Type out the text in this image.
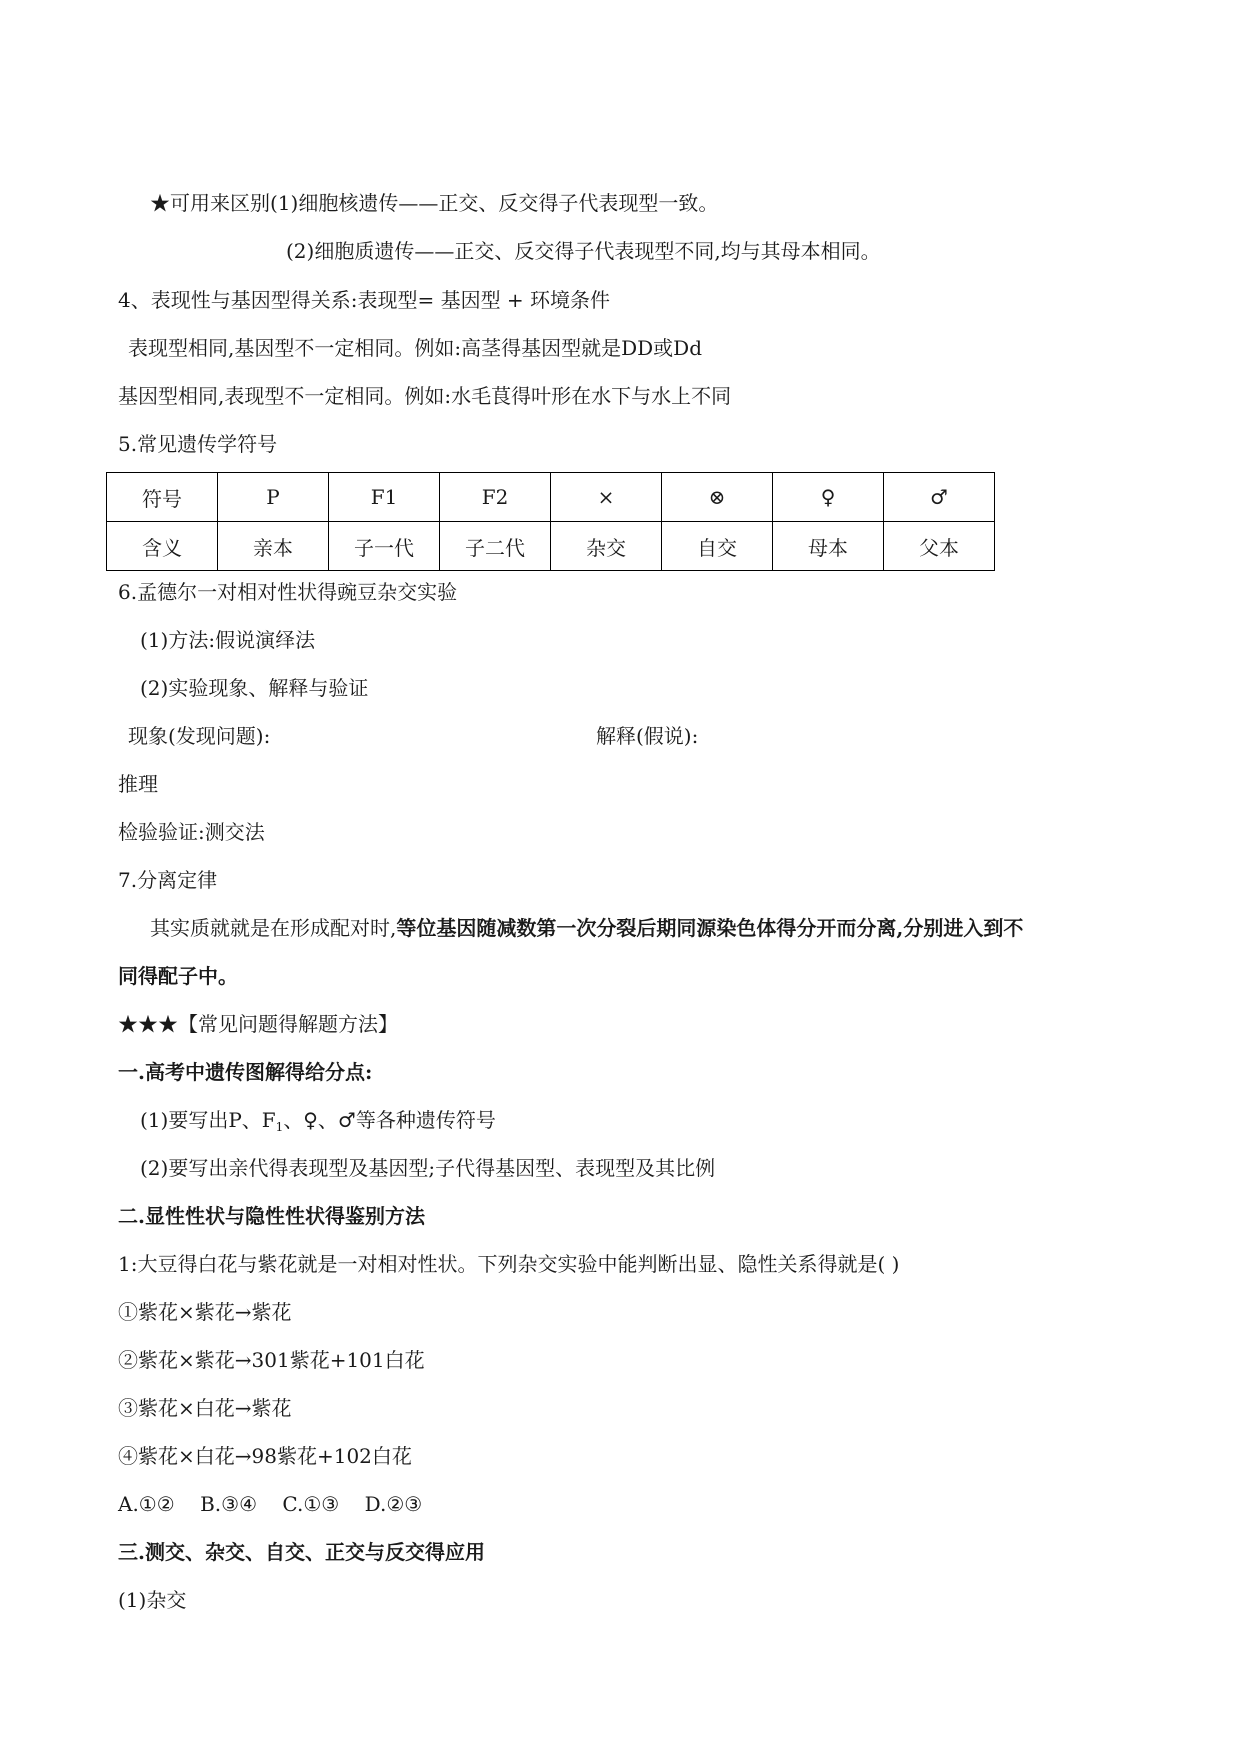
★可用来区别(1)细胞核遗传——正交、反交得子代表现型一致。
(2)细胞质遗传——正交、反交得子代表现型不同,均与其母本相同。
4、表现性与基因型得关系:表现型= 基因型 + 环境条件
表现型相同,基因型不一定相同。例如:高茎得基因型就是DD或Dd
基因型相同,表现型不一定相同。例如:水毛茛得叶形在水下与水上不同
5.常见遗传学符号
符号	P	F1	F2	×	⊗	♀	♂
含义	亲本	子一代	子二代	杂交	自交	母本	父本
6.孟德尔一对相对性状得豌豆杂交实验
(1)方法:假说演绎法
(2)实验现象、解释与验证
现象(发现问题):	解释(假说):
推理
检验验证:测交法
7.分离定律
其实质就就是在形成配对时,等位基因随减数第一次分裂后期同源染色体得分开而分离,分别进入到不
同得配子中。
★★★【常见问题得解题方法】
一.高考中遗传图解得给分点:
(1)要写出P、$F_1$、♀、♂等各种遗传符号
(2)要写出亲代得表现型及基因型;子代得基因型、表现型及其比例
二.显性性状与隐性性状得鉴别方法
1:大豆得白花与紫花就是一对相对性状。下列杂交实验中能判断出显、隐性关系得就是( )
①紫花×紫花→紫花
②紫花×紫花→301紫花+101白花
③紫花×白花→紫花
④紫花×白花→98紫花+102白花
A.①②    B.③④    C.①③    D.②③
三.测交、杂交、自交、正交与反交得应用
(1)杂交
